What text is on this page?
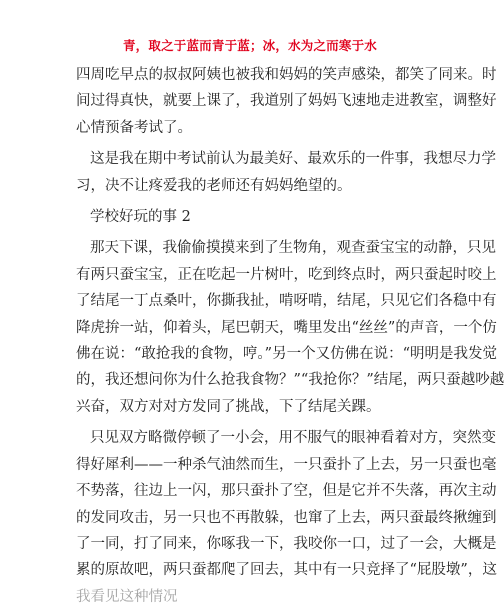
青，取之于蓝而青于蓝；冰，水为之而寒于水
四周吃早点的叔叔阿姨也被我和妈妈的笑声感染，都笑了同来。时
间过得真快，就要上课了，我道别了妈妈飞速地走进教室，调整好
心情预备考试了。
这是我在期中考试前认为最美好、最欢乐的一件事，我想尽力学
习，决不让疼爱我的老师还有妈妈绝望的。
学校好玩的事 2
那天下课，我偷偷摸摸来到了生物角，观查蚕宝宝的动静，只见
有两只蚕宝宝，正在吃起一片树叶，吃到终点时，两只蚕起时咬上
了结尾一丁点桑叶，你撕我扯，啃呀啃，结尾，只见它们各稳中有
降虎拚一站，仰着头，尾巴朝天，嘴里发出“丝丝”的声音，一个仿
佛在说：“敢抢我的食物，哼。”另一个又仿佛在说：“明明是我发觉
的，我还想问你为什么抢我食物？”“我抢你？”结尾，两只蚕越吵越
兴奋，双方对对方发同了挑战，下了结尾关踝。
只见双方略微停顿了一小会，用不服气的眼神看着对方，突然变
得好犀利——一种杀气油然而生，一只蚕扑了上去，另一只蚕也毫
不势落，往边上一闪，那只蚕扑了空，但是它并不失落，再次主动
的发同攻击，另一只也不再散躲，也窜了上去，两只蚕最终揪缠到
了一同，打了同来，你啄我一下，我咬你一口，过了一会，大概是
累的原故吧，两只蚕都爬了回去，其中有一只竞择了“屁股墩”，这
我看见这种情况
